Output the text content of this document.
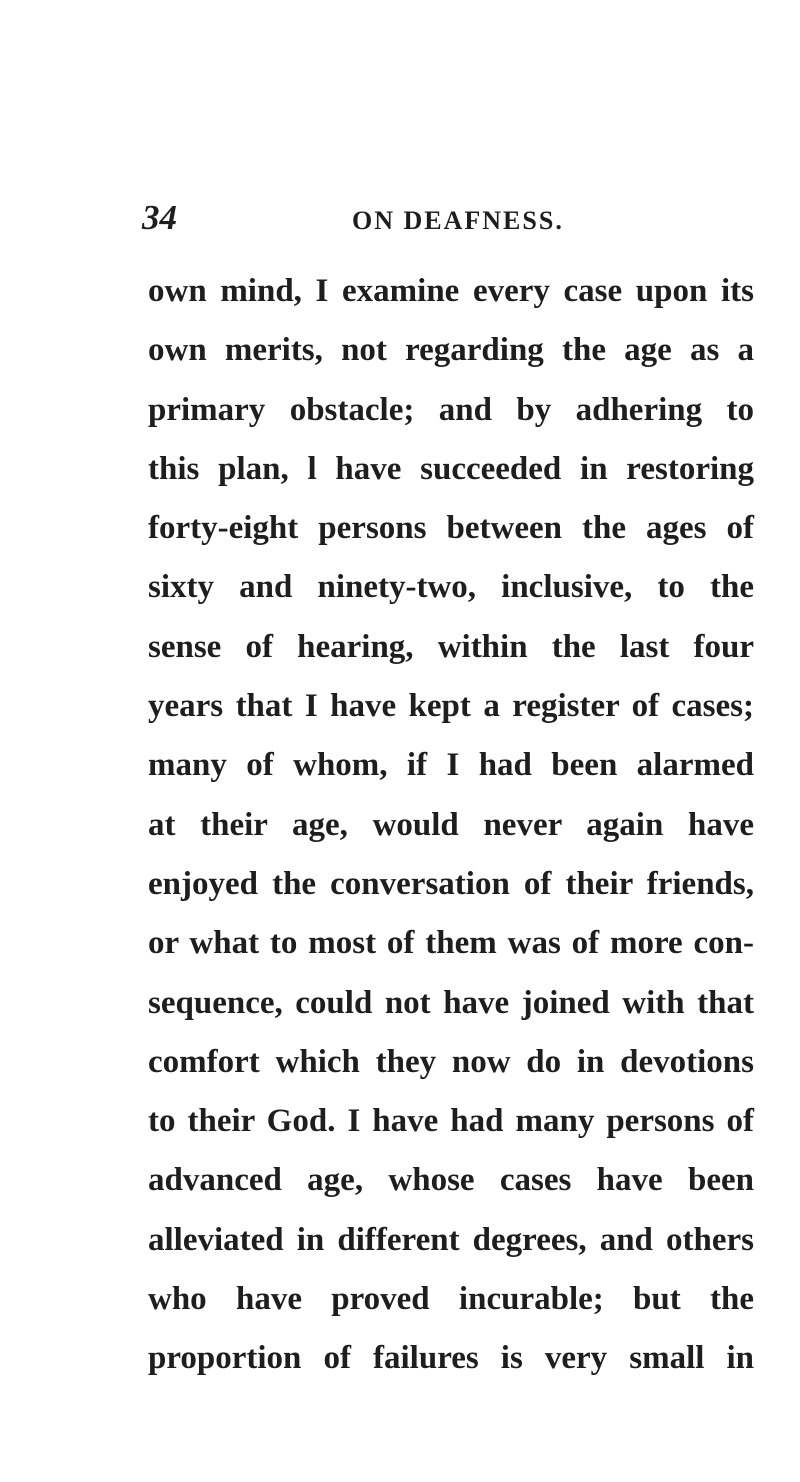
34	ON DEAFNESS.
own mind, I examine every case upon its
own merits, not regarding the age as a
primary obstacle; and by adhering to
this plan, l have succeeded in restoring
forty-eight persons between the ages of
sixty and ninety-two, inclusive, to the
sense of hearing, within the last four
years that I have kept a register of cases;
many of whom, if I had been alarmed
at their age, would never again have
enjoyed the conversation of their friends,
or what to most of them was of more con-
sequence, could not have joined with that
comfort which they now do in devotions
to their God. I have had many persons of
advanced age, whose cases have been
alleviated in different degrees, and others
who have proved incurable; but the
proportion of failures is very small in
